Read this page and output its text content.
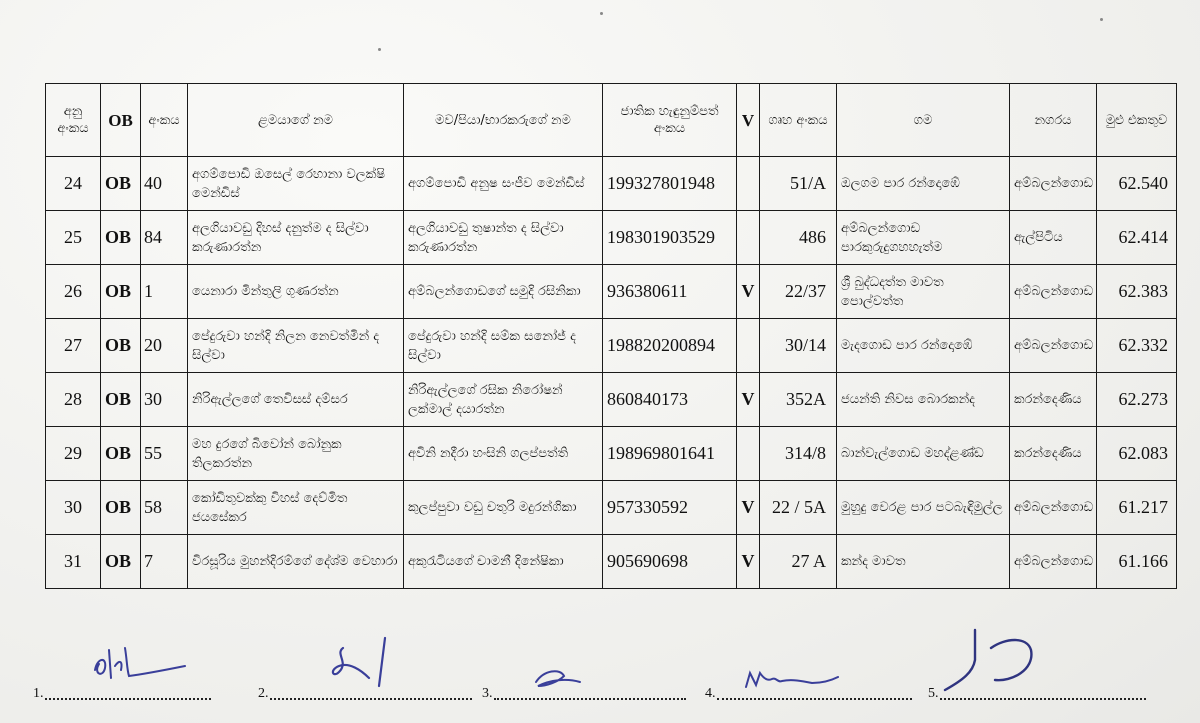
අනු අංකය	OB	අංකය	ළමයාගේ නම	මව/පියා/භාරකරුගේ නම	ජාතික හැඳුනුම්පත් අංකය	V	ගෘහ අංකය	ගම	නගරය	මුළු එකතුව
24	OB	40	අගම්පොඩි ඔසෙල් රෙහානා වලක්ෂි මෙන්ඩිස්	අගම්පොඩි අනුෂ සංජීව මෙන්ඩිස්	199327801948		51/A	ඔලගම පාර රන්දොඹේ	අම්බලන්ගොඩ	62.540
25	OB	84	අලගියාවඩු දිහස් දනුත්ම ද සිල්වා කරුණාරත්න	අලගියාවඩු තුෂාන්ත ද සිල්වා කරුණාරත්න	198301903529		486	අම්බලන්ගොඩ පාරකුරුදුගහහැත්ම	ඇල්පිටිය	62.414
26	OB	1	යෙනාරා මින්තුලි ගුණරත්න	අම්බලන්ගොඩගේ සමුදි රසිනිකා	936380611	V	22/37	ශ්‍රී බුද්ධදත්ත මාවත පොල්වත්ත	අම්බලන්ගොඩ	62.383
27	OB	20	පේදුරුවා හන්දි නිලන නෙවත්මින් ද සිල්වා	පේදුරුවා හන්දි සම්ක සනෝජ් ද සිල්වා	198820200894		30/14	මැදගොඩ පාර රන්දොඹේ	අම්බලන්ගොඩ	62.332
28	OB	30	නිරිඇල්ලගේ තෙවිසස් දම්සර	නිරිඇල්ලගේ රසික නිරෝෂන් ලක්මාල් දයාරත්න	860840173	V	352A	ජයන්ති නිවස බොරකන්ද	කරන්දෙණිය	62.273
29	OB	55	මහ දුරගේ බිවෝන් බෝනුක තිලකරත්න	අවිනි නදීරා හංසිනි ගලප්පත්ති	198969801641		314/8	බාන්වැල්ගොඩ මහද්ළණ්ඩ	කරන්දෙණිය	62.083
30	OB	58	කෝඩිතුවක්කු විහස් දෙව්මිත ජයසේකර	කුලප්පුවා වඩු චතුරි මදුරන්ගිකා	957330592	V	22 / 5A	මුහුදු වෙරළ පාර පටබැඳිමුල්ල	අම්බලන්ගොඩ	61.217
31	OB	7	විරසූරිය මුහන්දිරම්ගේ දේශ්ම වෙහාරා	අකුරැටියගේ චාමනී දිනේෂිකා	905690698	V	27 A	කන්ද මාවත	අම්බලන්ගොඩ	61.166
1.	2.	3.	4.	5.
